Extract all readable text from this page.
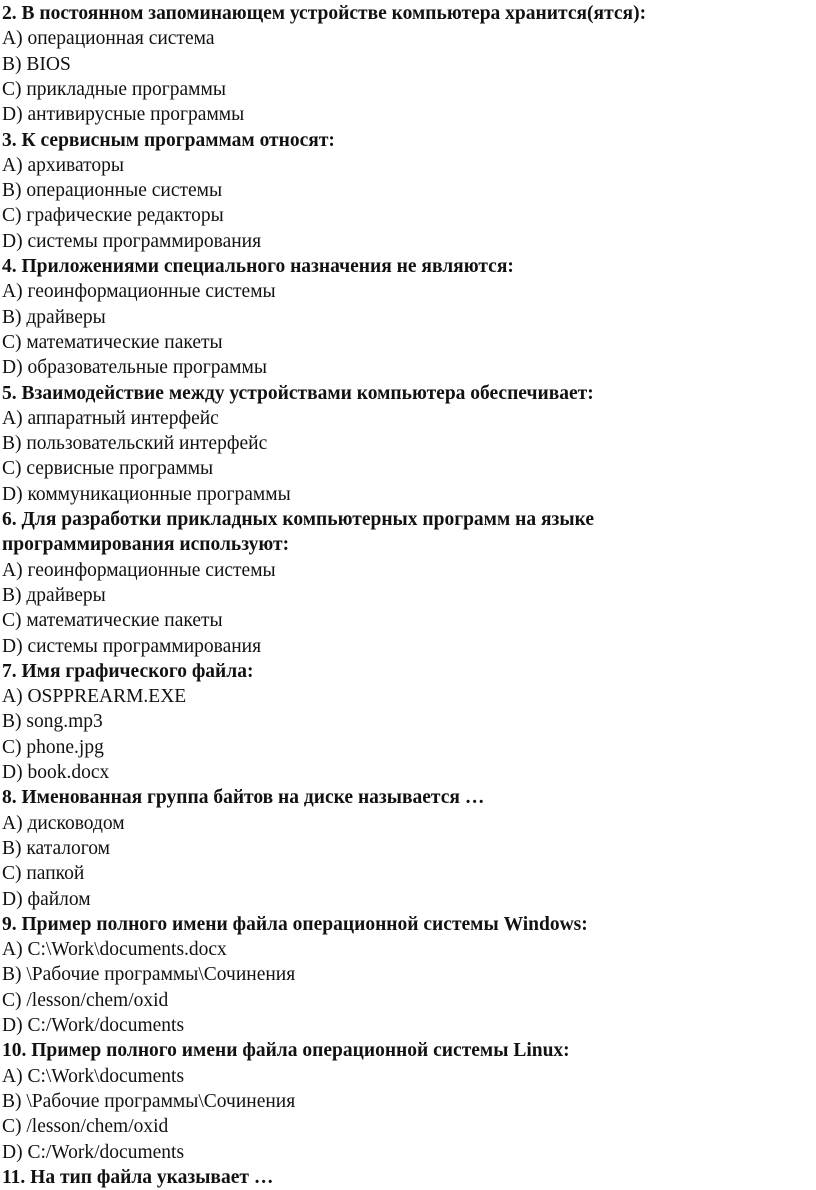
2. В постоянном запоминающем устройстве компьютера хранится(ятся):
A) операционная система
B) BIOS
C) прикладные программы
D) антивирусные программы
3. К сервисным программам относят:
A) архиваторы
B) операционные системы
C) графические редакторы
D) системы программирования
4. Приложениями специального назначения не являются:
A) геоинформационные системы
B) драйверы
C) математические пакеты
D) образовательные программы
5. Взаимодействие между устройствами компьютера обеспечивает:
A) аппаратный интерфейс
B) пользовательский интерфейс
C) сервисные программы
D) коммуникационные программы
6. Для разработки прикладных компьютерных программ на языке
программирования используют:
A) геоинформационные системы
B) драйверы
C) математические пакеты
D) системы программирования
7. Имя графического файла:
A) OSPPREARM.EXE
B) song.mp3
C) phone.jpg
D) book.docx
8. Именованная группа байтов на диске называется …
A) дисководом
B) каталогом
C) папкой
D) файлом
9. Пример полного имени файла операционной системы Windows:
A) C:\Work\documents.docx
B) \Рабочие программы\Сочинения
C) /lesson/chem/oxid
D) C:/Work/documents
10. Пример полного имени файла операционной системы Linux:
A) C:\Work\documents
B) \Рабочие программы\Сочинения
C) /lesson/chem/oxid
D) C:/Work/documents
11. На тип файла указывает …
